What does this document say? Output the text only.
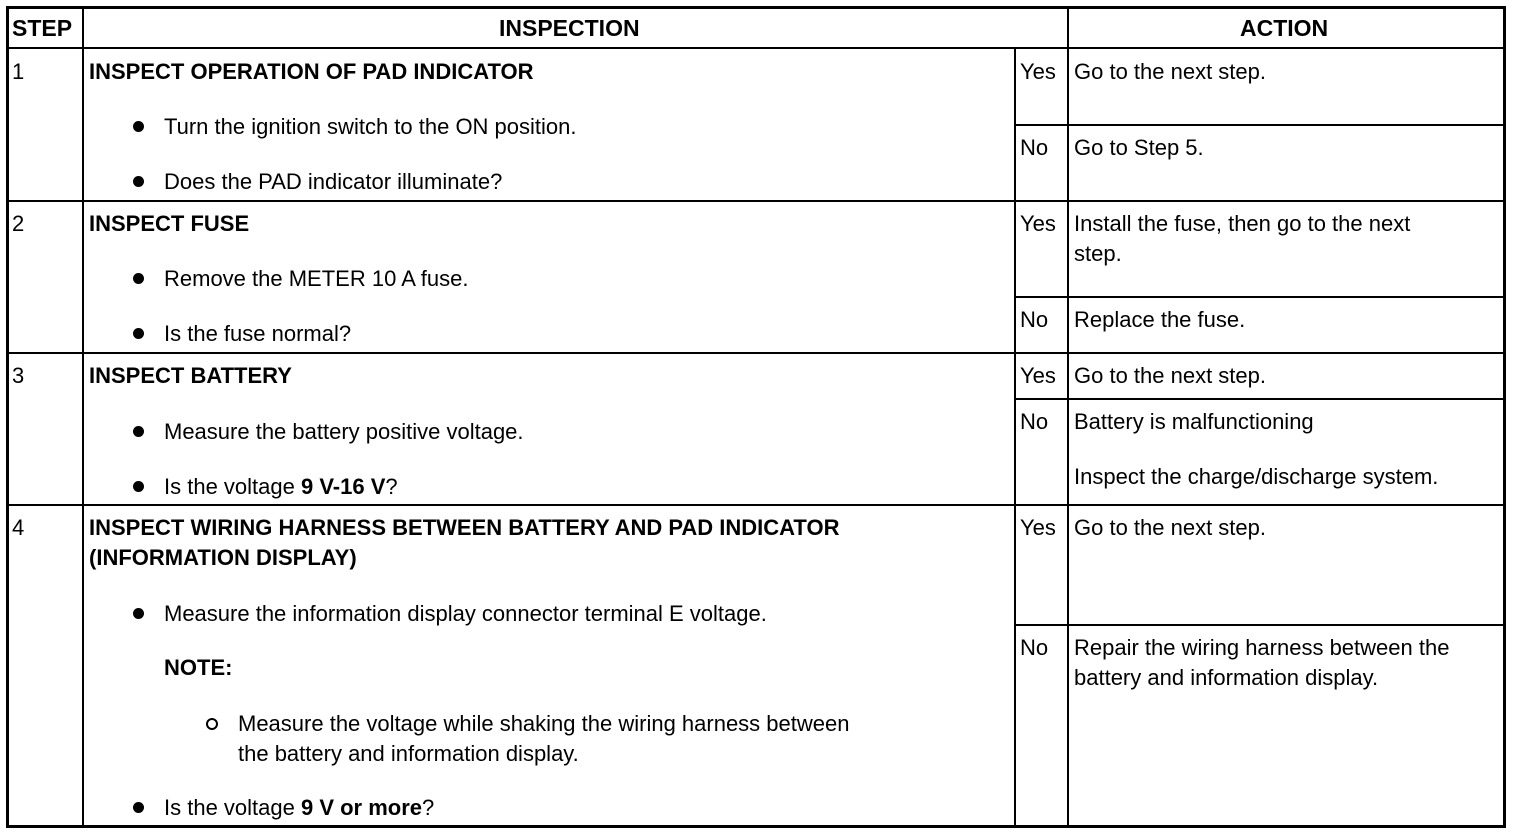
STEP	INSPECTION	ACTION
1	INSPECT OPERATION OF PAD INDICATOR
Turn the ignition switch to the ON position.
Does the PAD indicator illuminate?
Yes Go to the next step.
No Go to Step 5.
2	INSPECT FUSE
Remove the METER 10 A fuse.
Is the fuse normal?
Yes Install the fuse, then go to the next
step.
No Replace the fuse.
3	INSPECT BATTERY
Measure the battery positive voltage.
Is the voltage 9 V-16 V?
Yes Go to the next step.
No Battery is malfunctioning
Inspect the charge/discharge system.
4	INSPECT WIRING HARNESS BETWEEN BATTERY AND PAD INDICATOR
(INFORMATION DISPLAY)
Measure the information display connector terminal E voltage.
NOTE:
Measure the voltage while shaking the wiring harness between
the battery and information display.
Is the voltage 9 V or more?
Yes Go to the next step.
No Repair the wiring harness between the
battery and information display.
